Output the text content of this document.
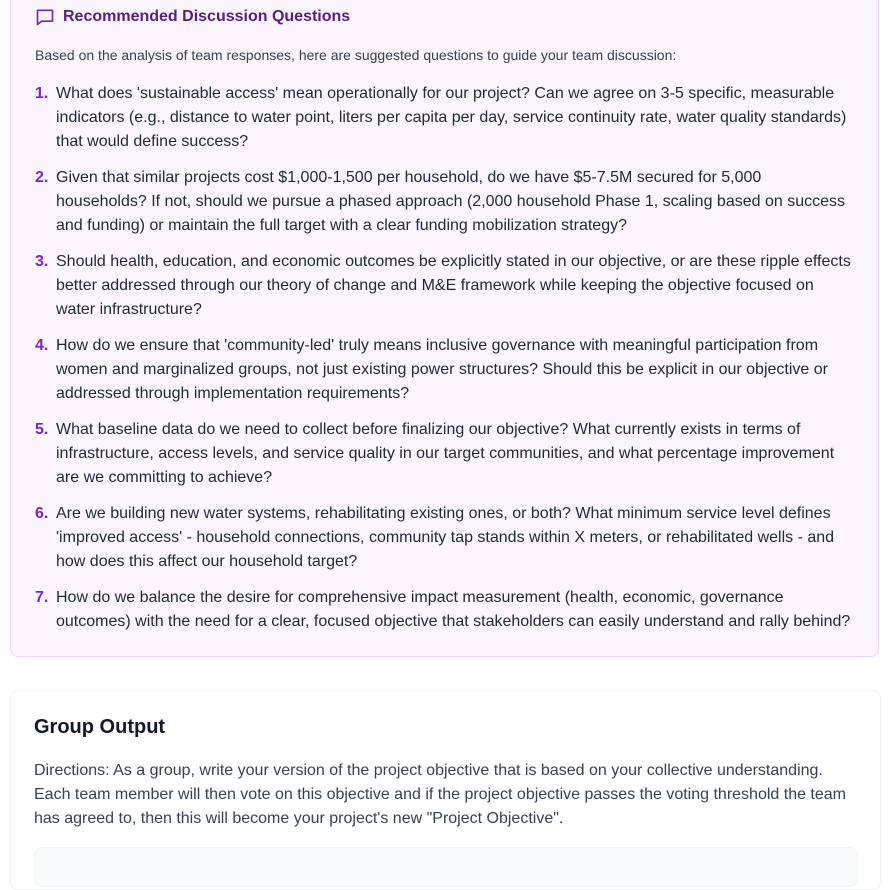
Recommended Discussion Questions
Based on the analysis of team responses, here are suggested questions to guide your team discussion:
1. What does 'sustainable access' mean operationally for our project? Can we agree on 3-5 specific, measurable indicators (e.g., distance to water point, liters per capita per day, service continuity rate, water quality standards) that would define success?
2. Given that similar projects cost $1,000-1,500 per household, do we have $5-7.5M secured for 5,000 households? If not, should we pursue a phased approach (2,000 household Phase 1, scaling based on success and funding) or maintain the full target with a clear funding mobilization strategy?
3. Should health, education, and economic outcomes be explicitly stated in our objective, or are these ripple effects better addressed through our theory of change and M&E framework while keeping the objective focused on water infrastructure?
4. How do we ensure that 'community-led' truly means inclusive governance with meaningful participation from women and marginalized groups, not just existing power structures? Should this be explicit in our objective or addressed through implementation requirements?
5. What baseline data do we need to collect before finalizing our objective? What currently exists in terms of infrastructure, access levels, and service quality in our target communities, and what percentage improvement are we committing to achieve?
6. Are we building new water systems, rehabilitating existing ones, or both? What minimum service level defines 'improved access' - household connections, community tap stands within X meters, or rehabilitated wells - and how does this affect our household target?
7. How do we balance the desire for comprehensive impact measurement (health, economic, governance outcomes) with the need for a clear, focused objective that stakeholders can easily understand and rally behind?
Group Output
Directions: As a group, write your version of the project objective that is based on your collective understanding. Each team member will then vote on this objective and if the project objective passes the voting threshold the team has agreed to, then this will become your project's new "Project Objective".
